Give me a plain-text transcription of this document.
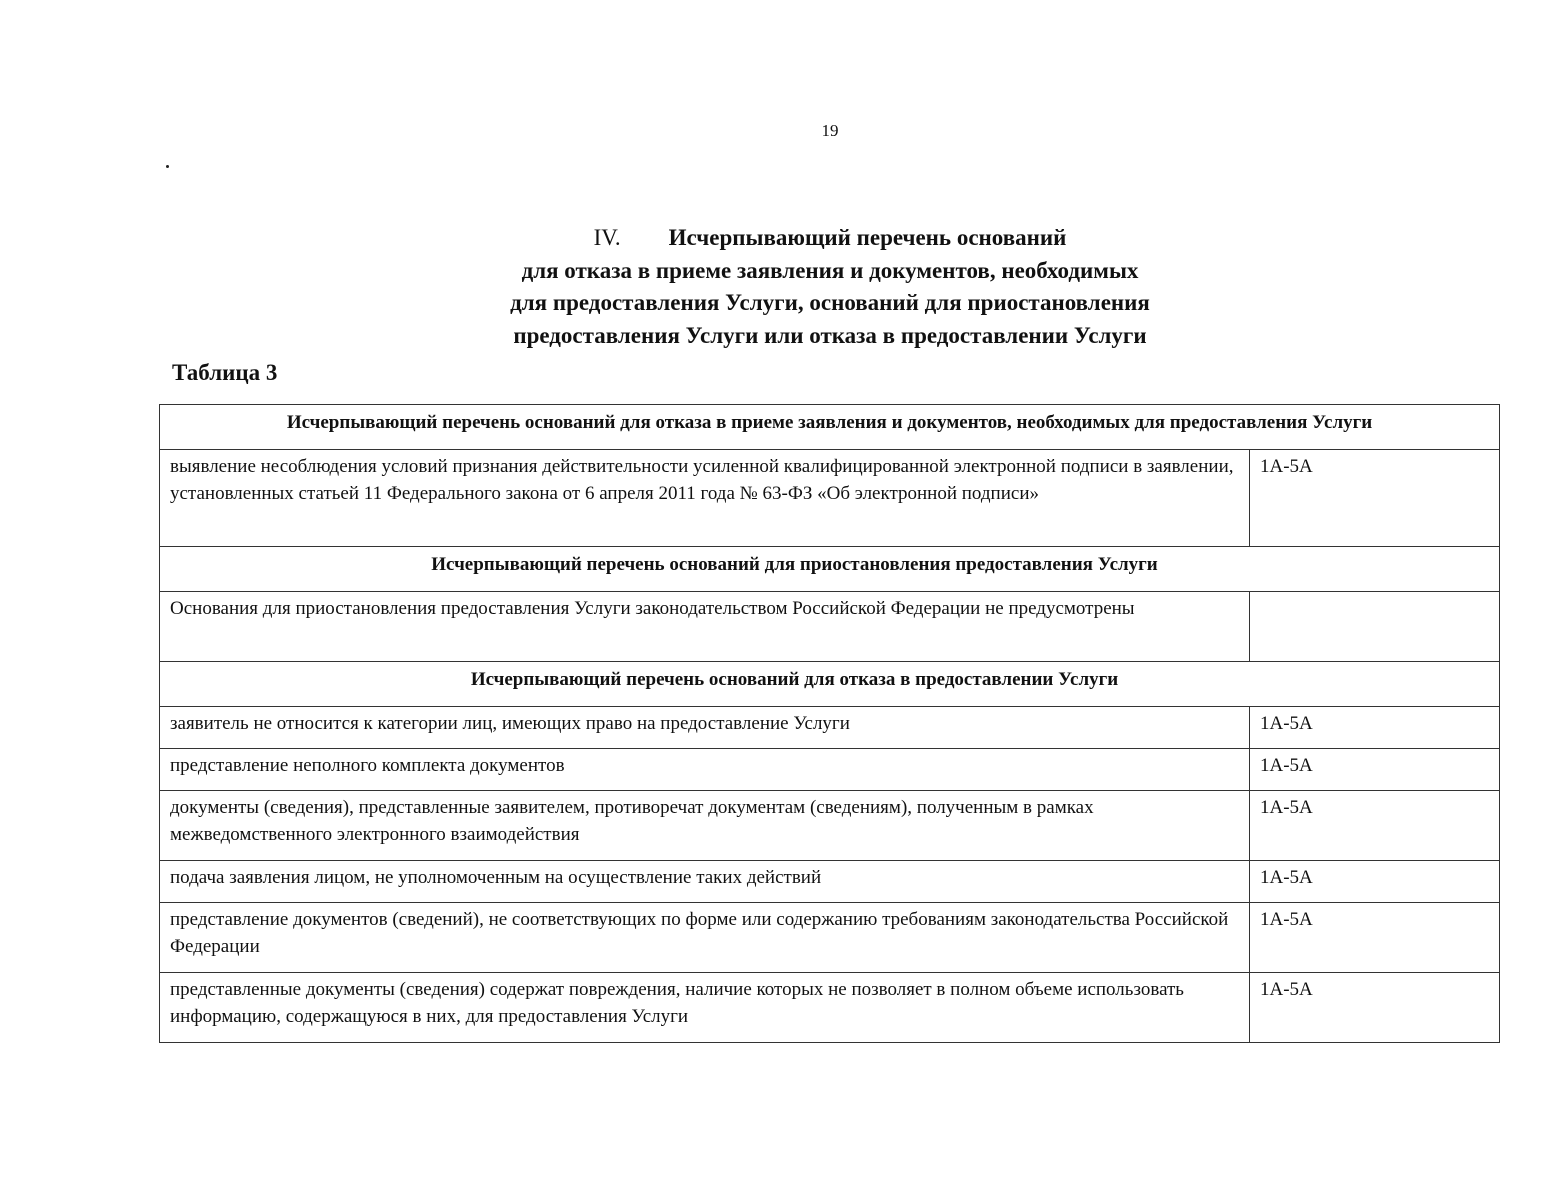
19
IV. Исчерпывающий перечень оснований
для отказа в приеме заявления и документов, необходимых
для предоставления Услуги, оснований для приостановления
предоставления Услуги или отказа в предоставлении Услуги
Таблица 3
Исчерпывающий перечень оснований для отказа в приеме заявления и документов, необходимых для предоставления Услуги	
выявление несоблюдения условий признания действительности усиленной квалифицированной электронной подписи в заявлении, установленных статьей 11 Федерального закона от 6 апреля 2011 года № 63-ФЗ «Об электронной подписи»	1А-5А
Исчерпывающий перечень оснований для приостановления предоставления Услуги	
Основания для приостановления предоставления Услуги законодательством Российской Федерации не предусмотрены	
Исчерпывающий перечень оснований для отказа в предоставлении Услуги	
заявитель не относится к категории лиц, имеющих право на предоставление Услуги	1А-5А
представление неполного комплекта документов	1А-5А
документы (сведения), представленные заявителем, противоречат документам (сведениям), полученным в рамках межведомственного электронного взаимодействия	1А-5А
подача заявления лицом, не уполномоченным на осуществление таких действий	1А-5А
представление документов (сведений), не соответствующих по форме или содержанию требованиям законодательства Российской Федерации	1А-5А
представленные документы (сведения) содержат повреждения, наличие которых не позволяет в полном объеме использовать информацию, содержащуюся в них, для предоставления Услуги	1А-5А
